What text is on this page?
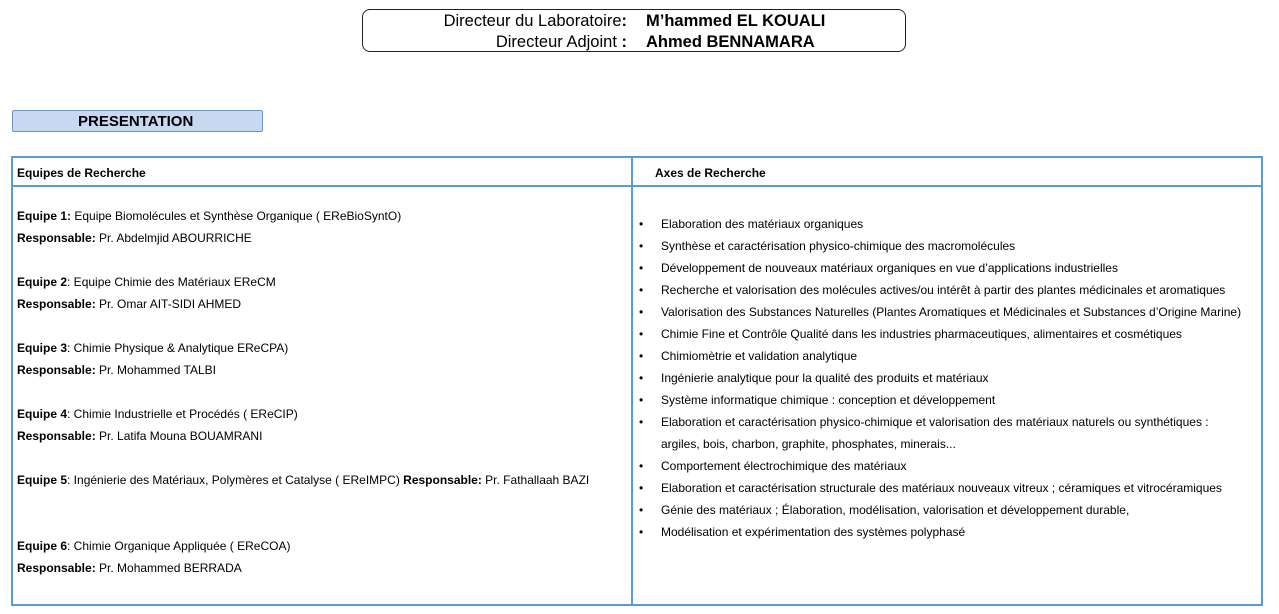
Directeur du Laboratoire: M’hammed EL KOUALI
Directeur Adjoint : Ahmed BENNAMARA
PRESENTATION
Equipes de Recherche	Axes de Recherche
Equipe 1: Equipe Biomolécules et Synthèse Organique ( EReBioSyntO)
Responsable: Pr. Abdelmjid ABOURRICHE
Equipe 2: Equipe Chimie des Matériaux EReCM
Responsable: Pr. Omar AIT-SIDI AHMED
Equipe 3: Chimie Physique & Analytique EReCPA)
Responsable: Pr. Mohammed TALBI
Equipe 4: Chimie Industrielle et Procédés ( EReCIP)
Responsable: Pr. Latifa Mouna BOUAMRANI
Equipe 5: Ingénierie des Matériaux, Polymères et Catalyse ( EReIMPC) Responsable: Pr. Fathallaah BAZI
Equipe 6: Chimie Organique Appliquée ( EReCOA)
Responsable: Pr. Mohammed BERRADA
• Elaboration des matériaux organiques
• Synthèse et caractérisation physico-chimique des macromolécules
• Développement de nouveaux matériaux organiques en vue d’applications industrielles
• Recherche et valorisation des molécules actives/ou intérêt à partir des plantes médicinales et aromatiques
• Valorisation des Substances Naturelles (Plantes Aromatiques et Médicinales et Substances d’Origine Marine)
• Chimie Fine et Contrôle Qualité dans les industries pharmaceutiques, alimentaires et cosmétiques
• Chimiomètrie et validation analytique
• Ingénierie analytique pour la qualité des produits et matériaux
• Système informatique chimique : conception et développement
• Elaboration et caractérisation physico-chimique et valorisation des matériaux naturels ou synthétiques :
argiles, bois, charbon, graphite, phosphates, minerais...
• Comportement électrochimique des matériaux
• Elaboration et caractérisation structurale des matériaux nouveaux vitreux ; céramiques et vitrocéramiques
• Génie des matériaux ; Élaboration, modélisation, valorisation et développement durable,
• Modélisation et expérimentation des systèmes polyphasé
